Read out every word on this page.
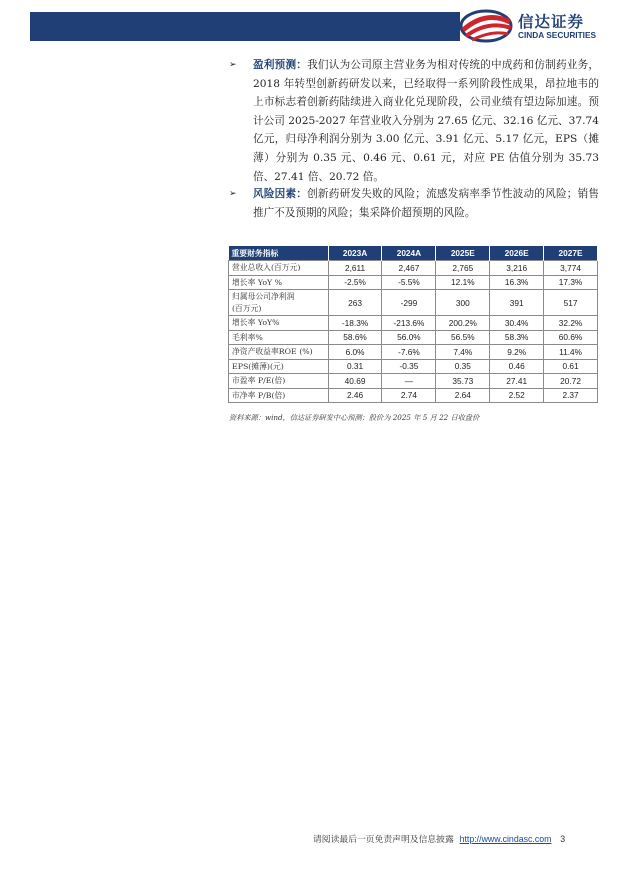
信达证券
CINDA SECURITIES
➢ 盈利预测：我们认为公司原主营业务为相对传统的中成药和仿制药业务，2018 年转型创新药研发以来，已经取得一系列阶段性成果，昂拉地韦的上市标志着创新药陆续进入商业化兑现阶段，公司业绩有望边际加速。预计公司 2025-2027 年营业收入分别为 27.65 亿元、32.16 亿元、37.74 亿元，归母净利润分别为 3.00 亿元、3.91 亿元、5.17 亿元，EPS（摊薄）分别为 0.35 元、0.46 元、0.61 元，对应 PE 估值分别为 35.73 倍、27.41 倍、20.72 倍。
➢ 风险因素：创新药研发失败的风险；流感发病率季节性波动的风险；销售推广不及预期的风险；集采降价超预期的风险。
重要财务指标	2023A	2024A	2025E	2026E	2027E
营业总收入(百万元)	2,611	2,467	2,765	3,216	3,774
增长率 YoY %	-2.5%	-5.5%	12.1%	16.3%	17.3%

归属母公司净利润
(百万元)	263	-299	300	391	517
增长率 YoY%	-18.3%	-213.6%	200.2%	30.4%	32.2%
毛利率%	58.6%	56.0%	56.5%	58.3%	60.6%
净资产收益率ROE (%)	6.0%	-7.6%	7.4%	9.2%	11.4%
EPS(摊薄)(元)	0.31	-0.35	0.35	0.46	0.61
市盈率 P/E(倍)	40.69	—	35.73	27.41	20.72
市净率 P/B(倍)	2.46	2.74	2.64	2.52	2.37
资料来源：wind，信达证券研发中心预测；股价为 2025 年 5 月 22 日收盘价
请阅读最后一页免责声明及信息披露 http://www.cindasc.com 3
